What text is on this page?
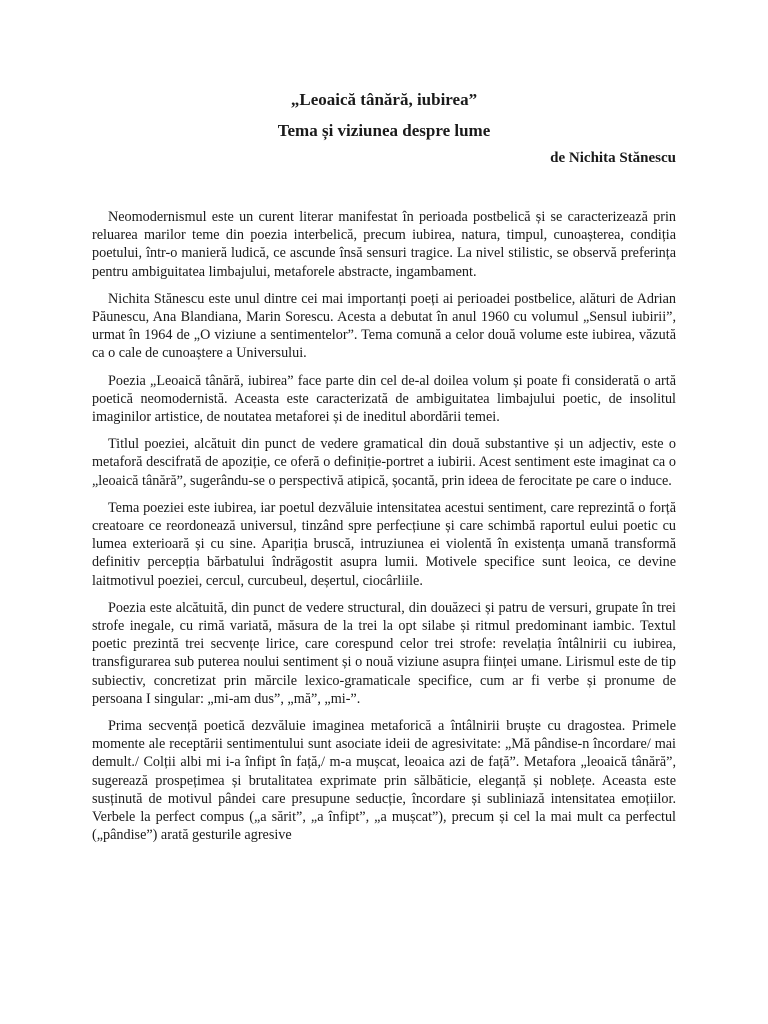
„Leoaică tânără, iubirea”
Tema și viziunea despre lume
de Nichita Stănescu

Neomodernismul este un curent literar manifestat în perioada postbelică și se caracterizează prin reluarea marilor teme din poezia interbelică, precum iubirea, natura, timpul, cunoașterea, condiția poetului, într-o manieră ludică, ce ascunde însă sensuri tragice. La nivel stilistic, se observă preferința pentru ambiguitatea limbajului, metaforele abstracte, ingambament.

Nichita Stănescu este unul dintre cei mai importanți poeți ai perioadei postbelice, alături de Adrian Păunescu, Ana Blandiana, Marin Sorescu. Acesta a debutat în anul 1960 cu volumul „Sensul iubirii”, urmat în 1964 de „O viziune a sentimentelor”. Tema comună a celor două volume este iubirea, văzută ca o cale de cunoaștere a Universului.

Poezia „Leoaică tânără, iubirea” face parte din cel de-al doilea volum și poate fi considerată o artă poetică neomodernistă. Aceasta este caracterizată de ambiguitatea limbajului poetic, de insolitul imaginilor artistice, de noutatea metaforei și de ineditul abordării temei.

Titlul poeziei, alcătuit din punct de vedere gramatical din două substantive și un adjectiv, este o metaforă descifrată de apoziție, ce oferă o definiție-portret a iubirii. Acest sentiment este imaginat ca o „leoaică tânără”, sugerându-se o perspectivă atipică, șocantă, prin ideea de ferocitate pe care o induce.

Tema poeziei este iubirea, iar poetul dezvăluie intensitatea acestui sentiment, care reprezintă o forță creatoare ce reordonează universul, tinzând spre perfecțiune și care schimbă raportul eului poetic cu lumea exterioară și cu sine. Apariția bruscă, intruziunea ei violentă în existența umană transformă definitiv percepția bărbatului îndrăgostit asupra lumii. Motivele specifice sunt leoica, ce devine laitmotivul poeziei, cercul, curcubeul, deșertul, ciocârliile.

Poezia este alcătuită, din punct de vedere structural, din douăzeci și patru de versuri, grupate în trei strofe inegale, cu rimă variată, măsura de la trei la opt silabe și ritmul predominant iambic. Textul poetic prezintă trei secvențe lirice, care corespund celor trei strofe: revelația întâlnirii cu iubirea, transfigurarea sub puterea noului sentiment și o nouă viziune asupra ființei umane. Lirismul este de tip subiectiv, concretizat prin mărcile lexico-gramaticale specifice, cum ar fi verbe și pronume de persoana I singular: „mi-am dus”, „mă”, „mi-”.

Prima secvență poetică dezvăluie imaginea metaforică a întâlnirii bruște cu dragostea. Primele momente ale receptării sentimentului sunt asociate ideii de agresivitate: „Mă pândise-n încordare/ mai demult./ Colții albi mi i-a înfipt în față,/ m-a mușcat, leoaica azi de față”. Metafora „leoaică tânără”, sugerează prospețimea și brutalitatea exprimate prin sălbăticie, eleganță și noblețe. Aceasta este susținută de motivul pândei care presupune seducție, încordare și subliniază intensitatea emoțiilor. Verbele la perfect compus („a sărit”, „a înfipt”, „a mușcat”), precum și cel la mai mult ca perfectul („pândise”) arată gesturile agresive
